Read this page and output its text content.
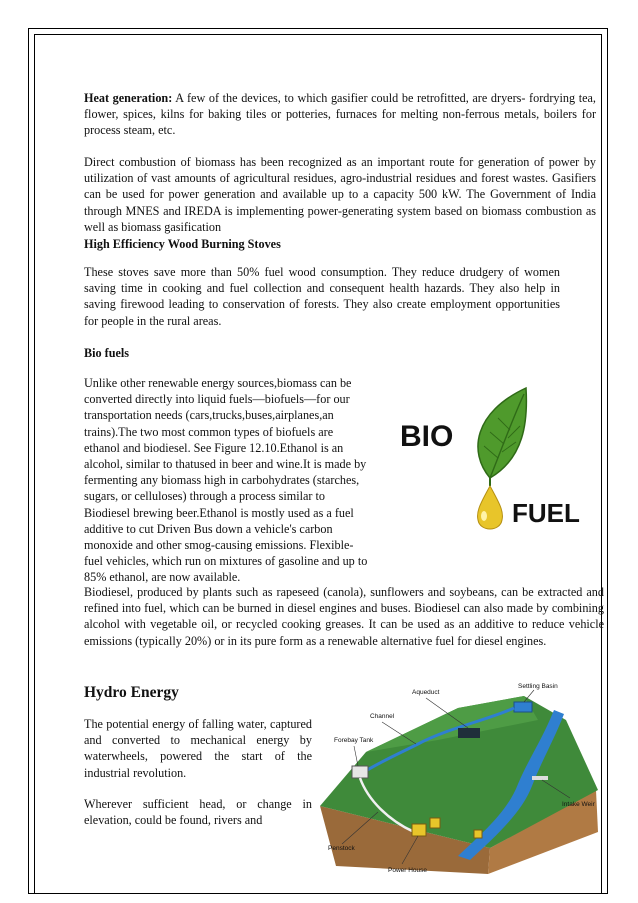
Heat generation: A few of the devices, to which gasifier could be retrofitted, are dryers- fordrying tea, flower, spices, kilns for baking tiles or potteries, furnaces for melting non-ferrous metals, boilers for process steam, etc.

Direct combustion of biomass has been recognized as an important route for generation of power by utilization of vast amounts of agricultural residues, agro-industrial residues and forest wastes. Gasifiers can be used for power generation and available up to a capacity 500 kW. The Government of India through MNES and IREDA is implementing power-generating system based on biomass combustion as well as biomass gasification

High Efficiency Wood Burning Stoves

These stoves save more than 50% fuel wood consumption. They reduce drudgery of women saving time in cooking and fuel collection and consequent health hazards. They also help in saving firewood leading to conservation of forests. They also create employment opportunities for people in the rural areas.

Bio fuels

Unlike other renewable energy sources,biomass can be
converted directly into liquid fuels—biofuels—for our
transportation needs (cars,trucks,buses,airplanes,an
trains).The two most common types of biofuels are
ethanol and biodiesel. See Figure 12.10.Ethanol is an
alcohol, similar to thatused in beer and wine.It is made by
fermenting any biomass high in carbohydrates (starches,
sugars, or celluloses) through a process similar to
Biodiesel brewing beer.Ethanol is mostly used as a fuel
additive to cut Driven Bus down a vehicle's carbon
monoxide and other smog-causing emissions. Flexible-
fuel vehicles, which run on mixtures of gasoline and up to
85% ethanol, are now available.
BIO
FUEL

Biodiesel, produced by plants such as rapeseed (canola), sunflowers and soybeans, can be extracted and refined into fuel, which can be burned in diesel engines and buses. Biodiesel can also made by combining alcohol with vegetable oil, or recycled cooking greases. It can be used as an additive to reduce vehicle emissions (typically 20%) or in its pure form as a renewable alternative fuel for diesel engines.

Hydro Energy

The potential energy of falling water, captured and converted to mechanical energy by waterwheels, powered the start of the industrial revolution.

Wherever sufficient head, or change in elevation, could be found, rivers and

Aqueduct
Settling Basin
Channel
Forebay Tank
Intake Weir
Penstock
Power House
